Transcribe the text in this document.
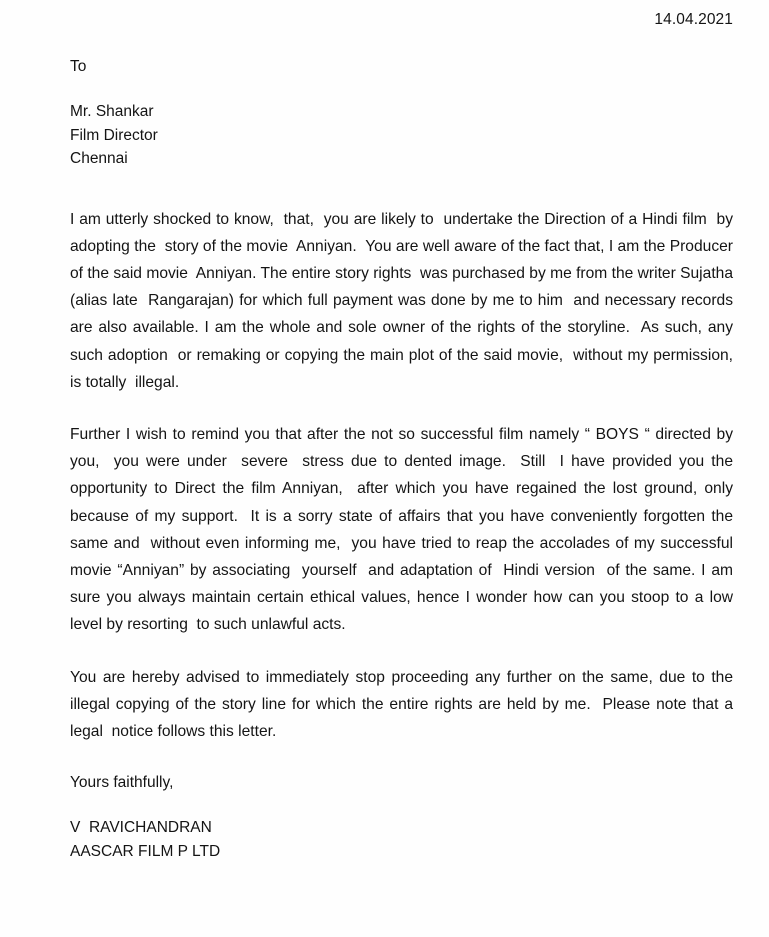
14.04.2021
To
Mr. Shankar
Film Director
Chennai
I am utterly shocked to know,  that,  you are likely to  undertake the Direction of a Hindi film  by  adopting the  story of the movie  Anniyan.  You are well aware of the fact that, I am the Producer of the said movie  Anniyan. The entire story rights  was purchased by me from the writer Sujatha (alias late  Rangarajan) for which full payment was done by me to him  and necessary records are also available. I am the whole and sole owner of the rights of the storyline.  As such, any such adoption  or remaking or copying the main plot of the said movie,  without my permission,  is totally  illegal.
Further I wish to remind you that after the not so successful film namely “ BOYS “ directed by you,  you were under  severe  stress due to dented image.  Still  I have provided you the opportunity to Direct the film Anniyan,  after which you have regained the lost ground, only because of my support.  It is a sorry state of affairs that you have conveniently forgotten the same and  without even informing me,  you have tried to reap the accolades of my successful movie “Anniyan” by associating  yourself  and adaptation of  Hindi version  of the same. I am sure you always maintain certain ethical values, hence I wonder how can you stoop to a low  level by resorting  to such unlawful acts.
You are hereby advised to immediately stop proceeding any further on the same, due to the illegal copying of the story line for which the entire rights are held by me.  Please note that a  legal  notice follows this letter.
Yours faithfully,
V  RAVICHANDRAN
AASCAR FILM P LTD
